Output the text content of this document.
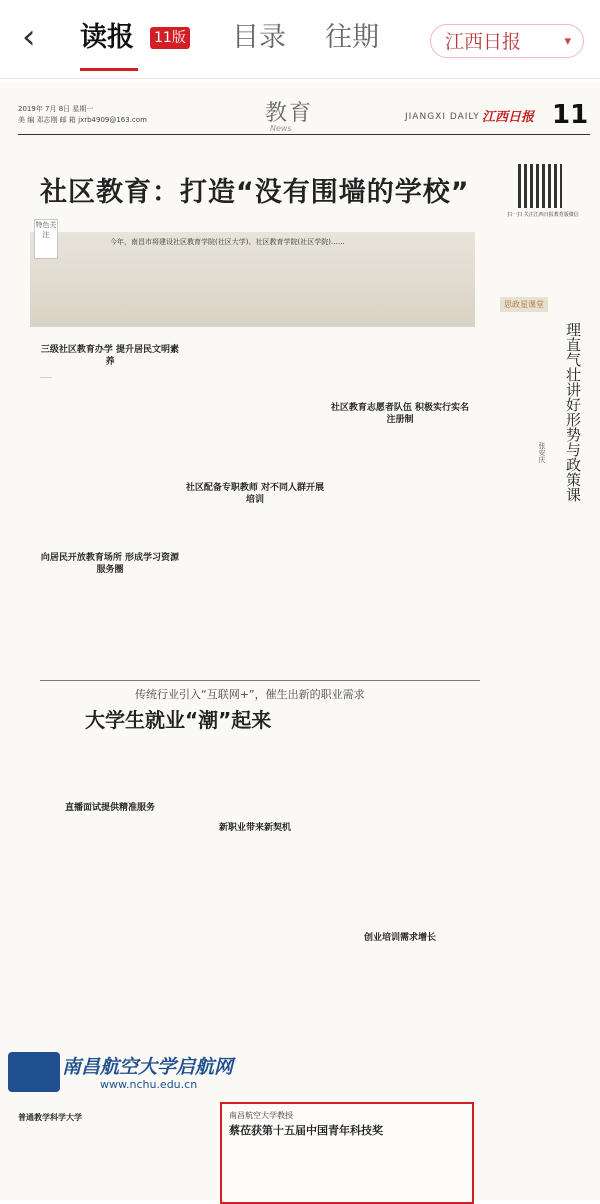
‹ 读报 11版 目录 往期	江西日报	▾
2019年 7月 8日 星期一
美 编 邓志刚 邮 箱 jxrb4909@163.com	教育
News
JIANGXI DAILY 江西日报 11
社区教育：打造“没有围墙的学校”
扫一扫 关注江西日报教育版微信
特色关注
今年，南昌市将建设社区教育学院(社区大学)、社区教育学院(社区学院)……
三级社区教育办学 提升居民文明素养

……

向居民开放教育场所 形成学习资源服务圈
社区配备专职教师 对不同人群开展培训
社区教育志愿者队伍 积极实行实名注册制
思政星课堂
理直气壮讲好形势与政策课
张安庆
传统行业引入“互联网+”，催生出新的职业需求
大学生就业“潮”起来
直播面试提供精准服务
新职业带来新契机
创业培训需求增长
南昌航空大学启航网
www.nchu.edu.cn
普通教学科学大学	南昌航空大学教授
蔡莅获第十五届中国青年科技奖
